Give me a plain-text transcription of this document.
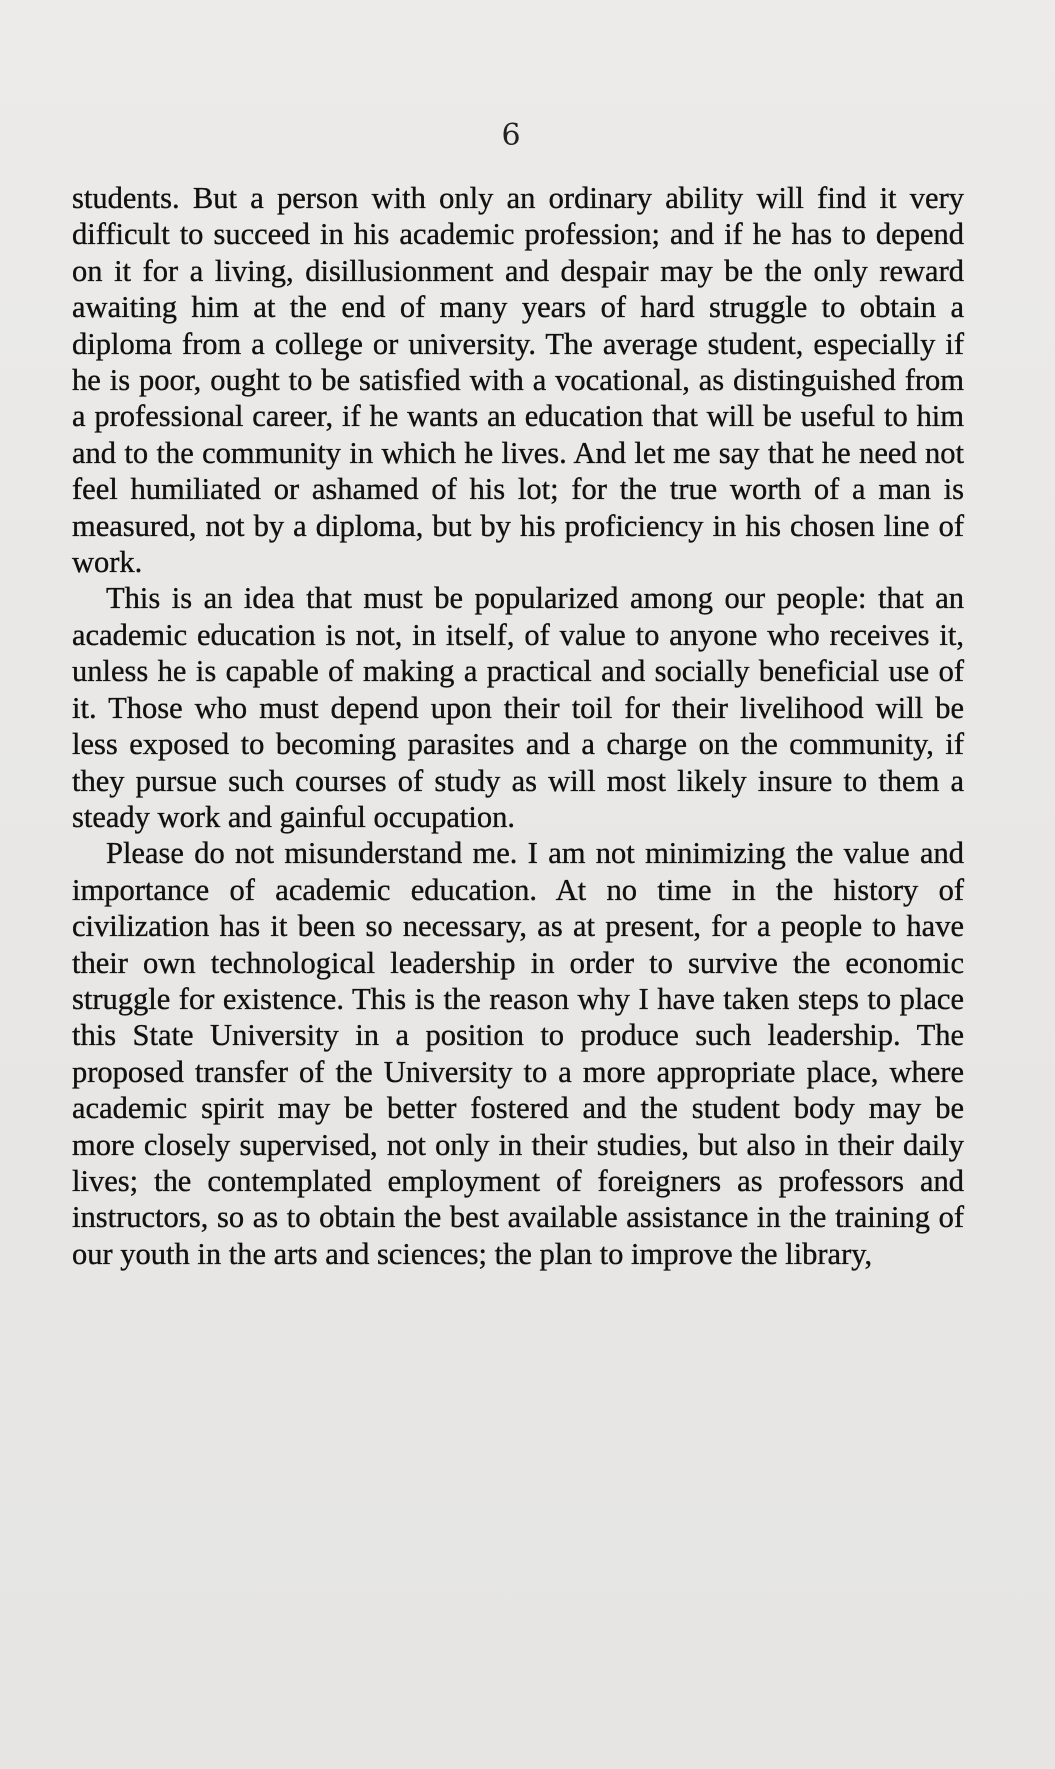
6

students. But a person with only an ordinary ability will find it very difficult to succeed in his academic profession; and if he has to depend on it for a living, disillusionment and despair may be the only reward awaiting him at the end of many years of hard struggle to obtain a diploma from a college or university. The average student, especially if he is poor, ought to be satisfied with a vocational, as distinguished from a professional career, if he wants an education that will be useful to him and to the community in which he lives. And let me say that he need not feel humiliated or ashamed of his lot; for the true worth of a man is measured, not by a diploma, but by his proficiency in his chosen line of work.

This is an idea that must be popularized among our people: that an academic education is not, in itself, of value to anyone who receives it, unless he is capable of making a practical and socially beneficial use of it. Those who must depend upon their toil for their livelihood will be less exposed to becoming parasites and a charge on the community, if they pursue such courses of study as will most likely insure to them a steady work and gainful occupation.

Please do not misunderstand me. I am not minimizing the value and importance of academic education. At no time in the history of civilization has it been so necessary, as at present, for a people to have their own technological leadership in order to survive the economic struggle for existence. This is the reason why I have taken steps to place this State University in a position to produce such leadership. The proposed transfer of the University to a more appropriate place, where academic spirit may be better fostered and the student body may be more closely supervised, not only in their studies, but also in their daily lives; the contemplated employment of foreigners as professors and instructors, so as to obtain the best available assistance in the training of our youth in the arts and sciences; the plan to improve the library,
